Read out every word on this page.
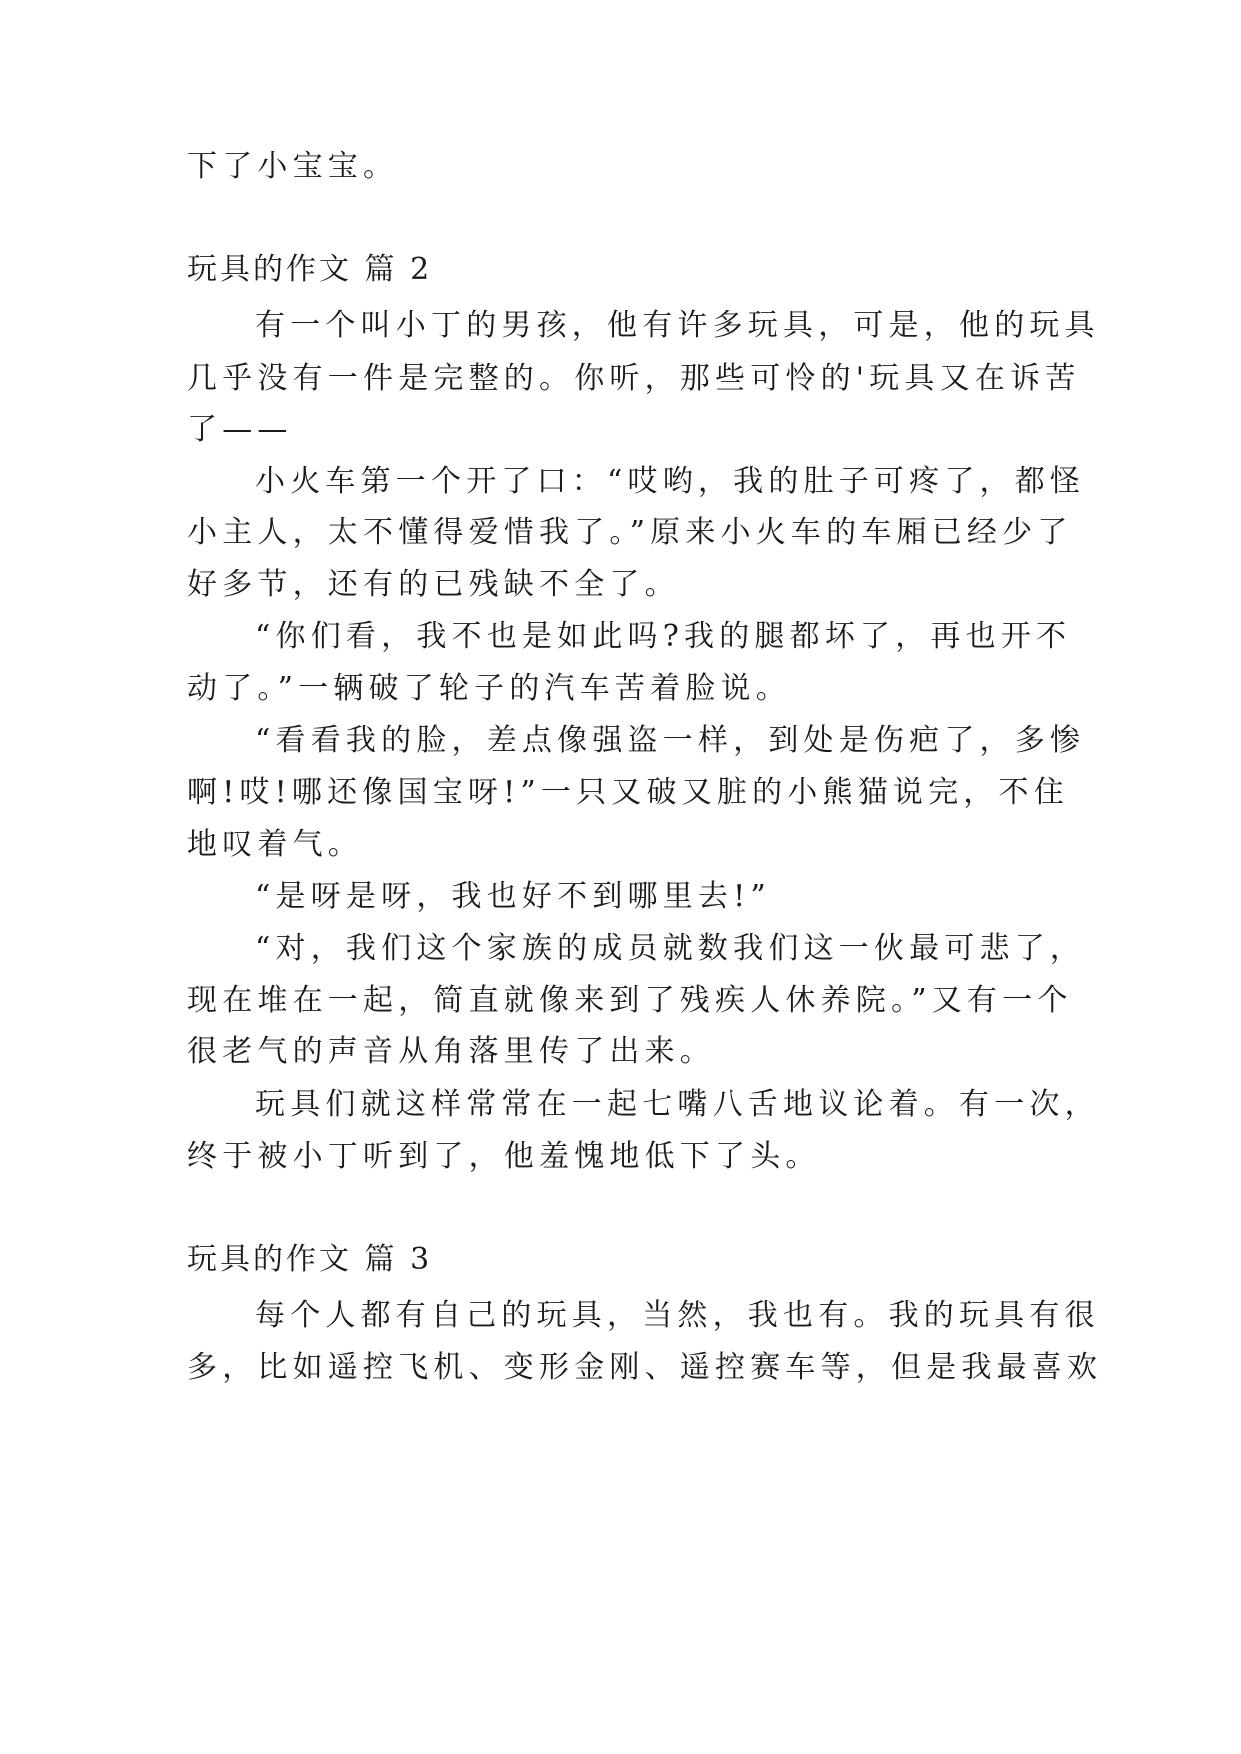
下了小宝宝。
玩具的作文 篇 2
有一个叫小丁的男孩，他有许多玩具，可是，他的玩具
几乎没有一件是完整的。你听，那些可怜的'玩具又在诉苦
了——
小火车第一个开了口：“哎哟，我的肚子可疼了，都怪
小主人，太不懂得爱惜我了。”原来小火车的车厢已经少了
好多节，还有的已残缺不全了。
“你们看，我不也是如此吗?我的腿都坏了，再也开不
动了。”一辆破了轮子的汽车苦着脸说。
“看看我的脸，差点像强盗一样，到处是伤疤了，多惨
啊!哎!哪还像国宝呀!”一只又破又脏的小熊猫说完，不住
地叹着气。
“是呀是呀，我也好不到哪里去!”
“对，我们这个家族的成员就数我们这一伙最可悲了，
现在堆在一起，简直就像来到了残疾人休养院。”又有一个
很老气的声音从角落里传了出来。
玩具们就这样常常在一起七嘴八舌地议论着。有一次，
终于被小丁听到了，他羞愧地低下了头。
玩具的作文 篇 3
每个人都有自己的玩具，当然，我也有。我的玩具有很
多，比如遥控飞机、变形金刚、遥控赛车等，但是我最喜欢
